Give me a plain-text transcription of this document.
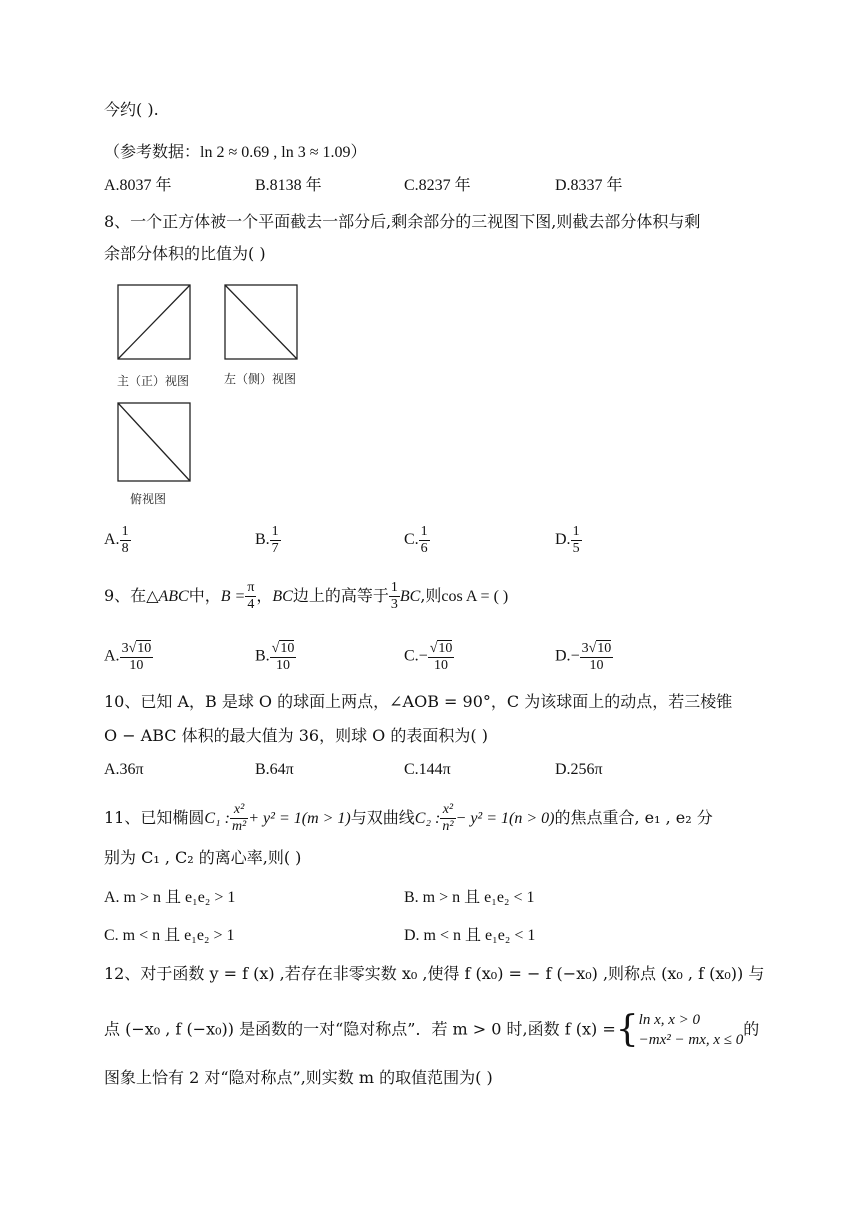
今约( ).
（参考数据：ln 2 ≈ 0.69 , ln 3 ≈ 1.09）
A.8037 年	B.8138 年	C.8237 年	D.8337 年
8、一个正方体被一个平面截去一部分后,剩余部分的三视图下图,则截去部分体积与剩
余部分体积的比值为( )
主（正）视图	左（侧）视图
俯视图
A. $\frac{1}{8}$	B. $\frac{1}{7}$	C. $\frac{1}{6}$	D. $\frac{1}{5}$
9、在△ABC中，$B = \frac{\pi}{4}$ ，BC边上的高等于 $\frac{1}{3}$ BC,则cos A = ( )
A. $\frac{3√10}{10}$	B. $\frac{√10}{10}$	$C.- \frac{√10}{10}$	$D.- \frac{3√10}{10}$
10、已知 A，B 是球 O 的球面上两点，∠AOB = 90°，C 为该球面上的动点，若三棱锥
O − ABC 体积的最大值为 36，则球 O 的表面积为( )
A.36π	B.64π	C.144π	D.256π
11、已知椭圆C₁ : $\frac{\text{x²}}{\text{m²}} + y^2 = 1(m > 1)$与双曲线C₂ : $\frac{\text{x²}}{\text{n²}} - y^2 = 1(n > 0)$的焦点重合, e₁ , e₂ 分
别为 C₁ , C₂ 的离心率,则( )
A. m > n 且 e₁e₂ > 1	B. m > n 且 e₁e₂ < 1
C. m < n 且 e₁e₂ > 1	D. m < n 且 e₁e₂ < 1
12、对于函数 y = f (x) ,若存在非零实数 x₀ ,使得 f (x₀) = − f (−x₀) ,则称点 (x₀ , f (x₀)) 与
点 (−x₀ , f (−x₀)) 是函数的一对“隐对称点”．若 m > 0 时,函数 f (x) ={ ln x, x > 0
−mx² − mx, x ≤ 0
的
图象上恰有 2 对“隐对称点”,则实数 m 的取值范围为( )
